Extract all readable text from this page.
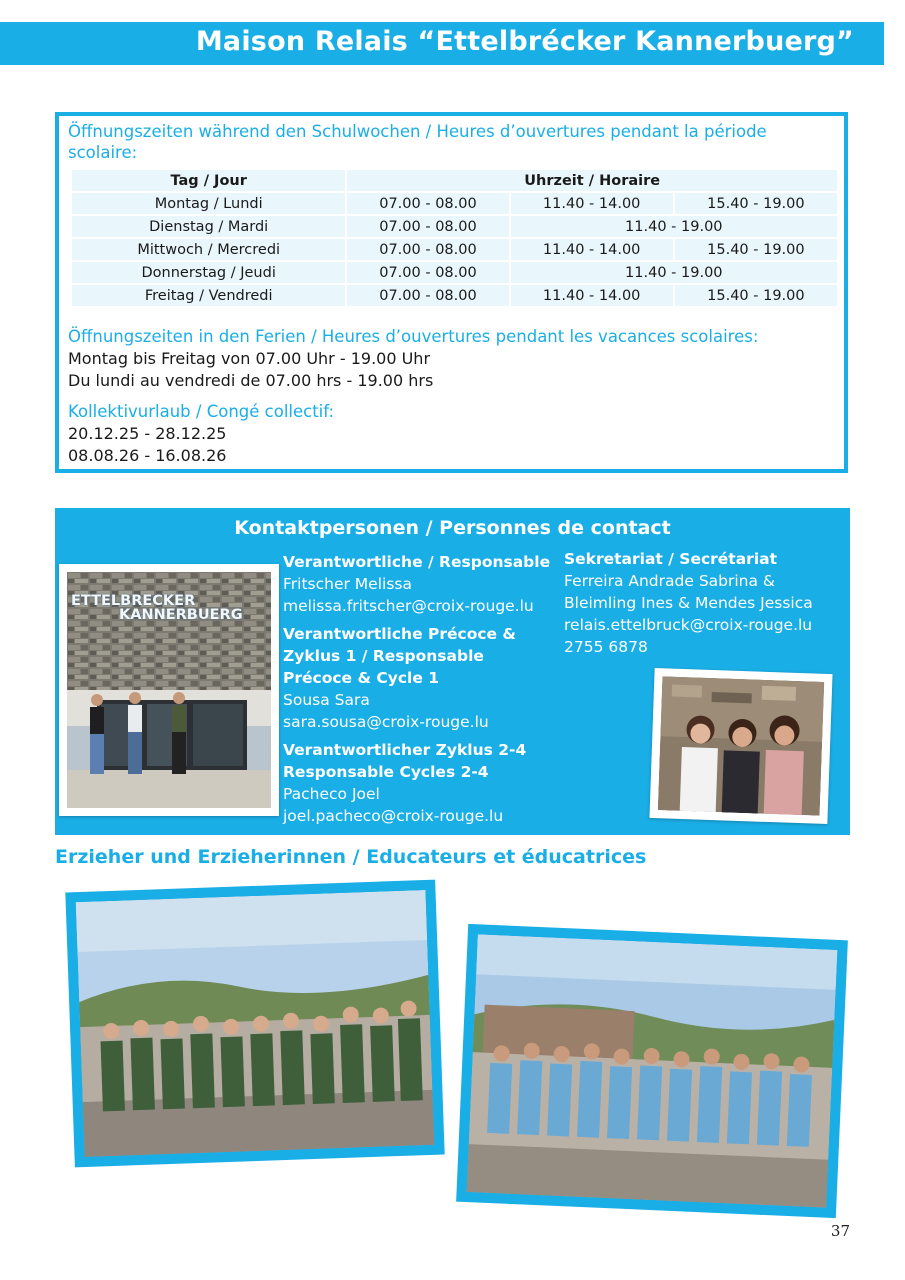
Maison Relais “Ettelbrécker Kannerbuerg”

Öffnungszeiten während den Schulwochen / Heures d’ouvertures pendant la période scolaire:

Tag / Jour	Uhrzeit / Horaire		
Montag / Lundi	07.00 - 08.00	11.40 - 14.00	15.40 - 19.00
Dienstag / Mardi	07.00 - 08.00	11.40 - 19.00	
Mittwoch / Mercredi	07.00 - 08.00	11.40 - 14.00	15.40 - 19.00
Donnerstag / Jeudi	07.00 - 08.00	11.40 - 19.00	
Freitag / Vendredi	07.00 - 08.00	11.40 - 14.00	15.40 - 19.00

Öffnungszeiten in den Ferien / Heures d’ouvertures pendant les vacances scolaires:

Montag bis Freitag von 07.00 Uhr - 19.00 Uhr

Du lundi au vendredi de 07.00 hrs - 19.00 hrs

Kollektivurlaub / Congé collectif:

20.12.25 - 28.12.25

08.08.26 - 16.08.26

Kontaktpersonen / Personnes de contact

ETTELBRECKER
KANNERBUERG
Verantwortliche / Responsable
Fritscher Melissa
melissa.fritscher@croix-rouge.lu
Verantwortliche Précoce &
Zyklus 1 / Responsable
Précoce & Cycle 1
Sousa Sara
sara.sousa@croix-rouge.lu
Verantwortlicher Zyklus 2-4
Responsable Cycles 2-4
Pacheco Joel
joel.pacheco@croix-rouge.lu
Sekretariat / Secrétariat
Ferreira Andrade Sabrina &
Bleimling Ines & Mendes Jessica
relais.ettelbruck@croix-rouge.lu
2755 6878

Erzieher und Erzieherinnen / Educateurs et éducatrices

37
